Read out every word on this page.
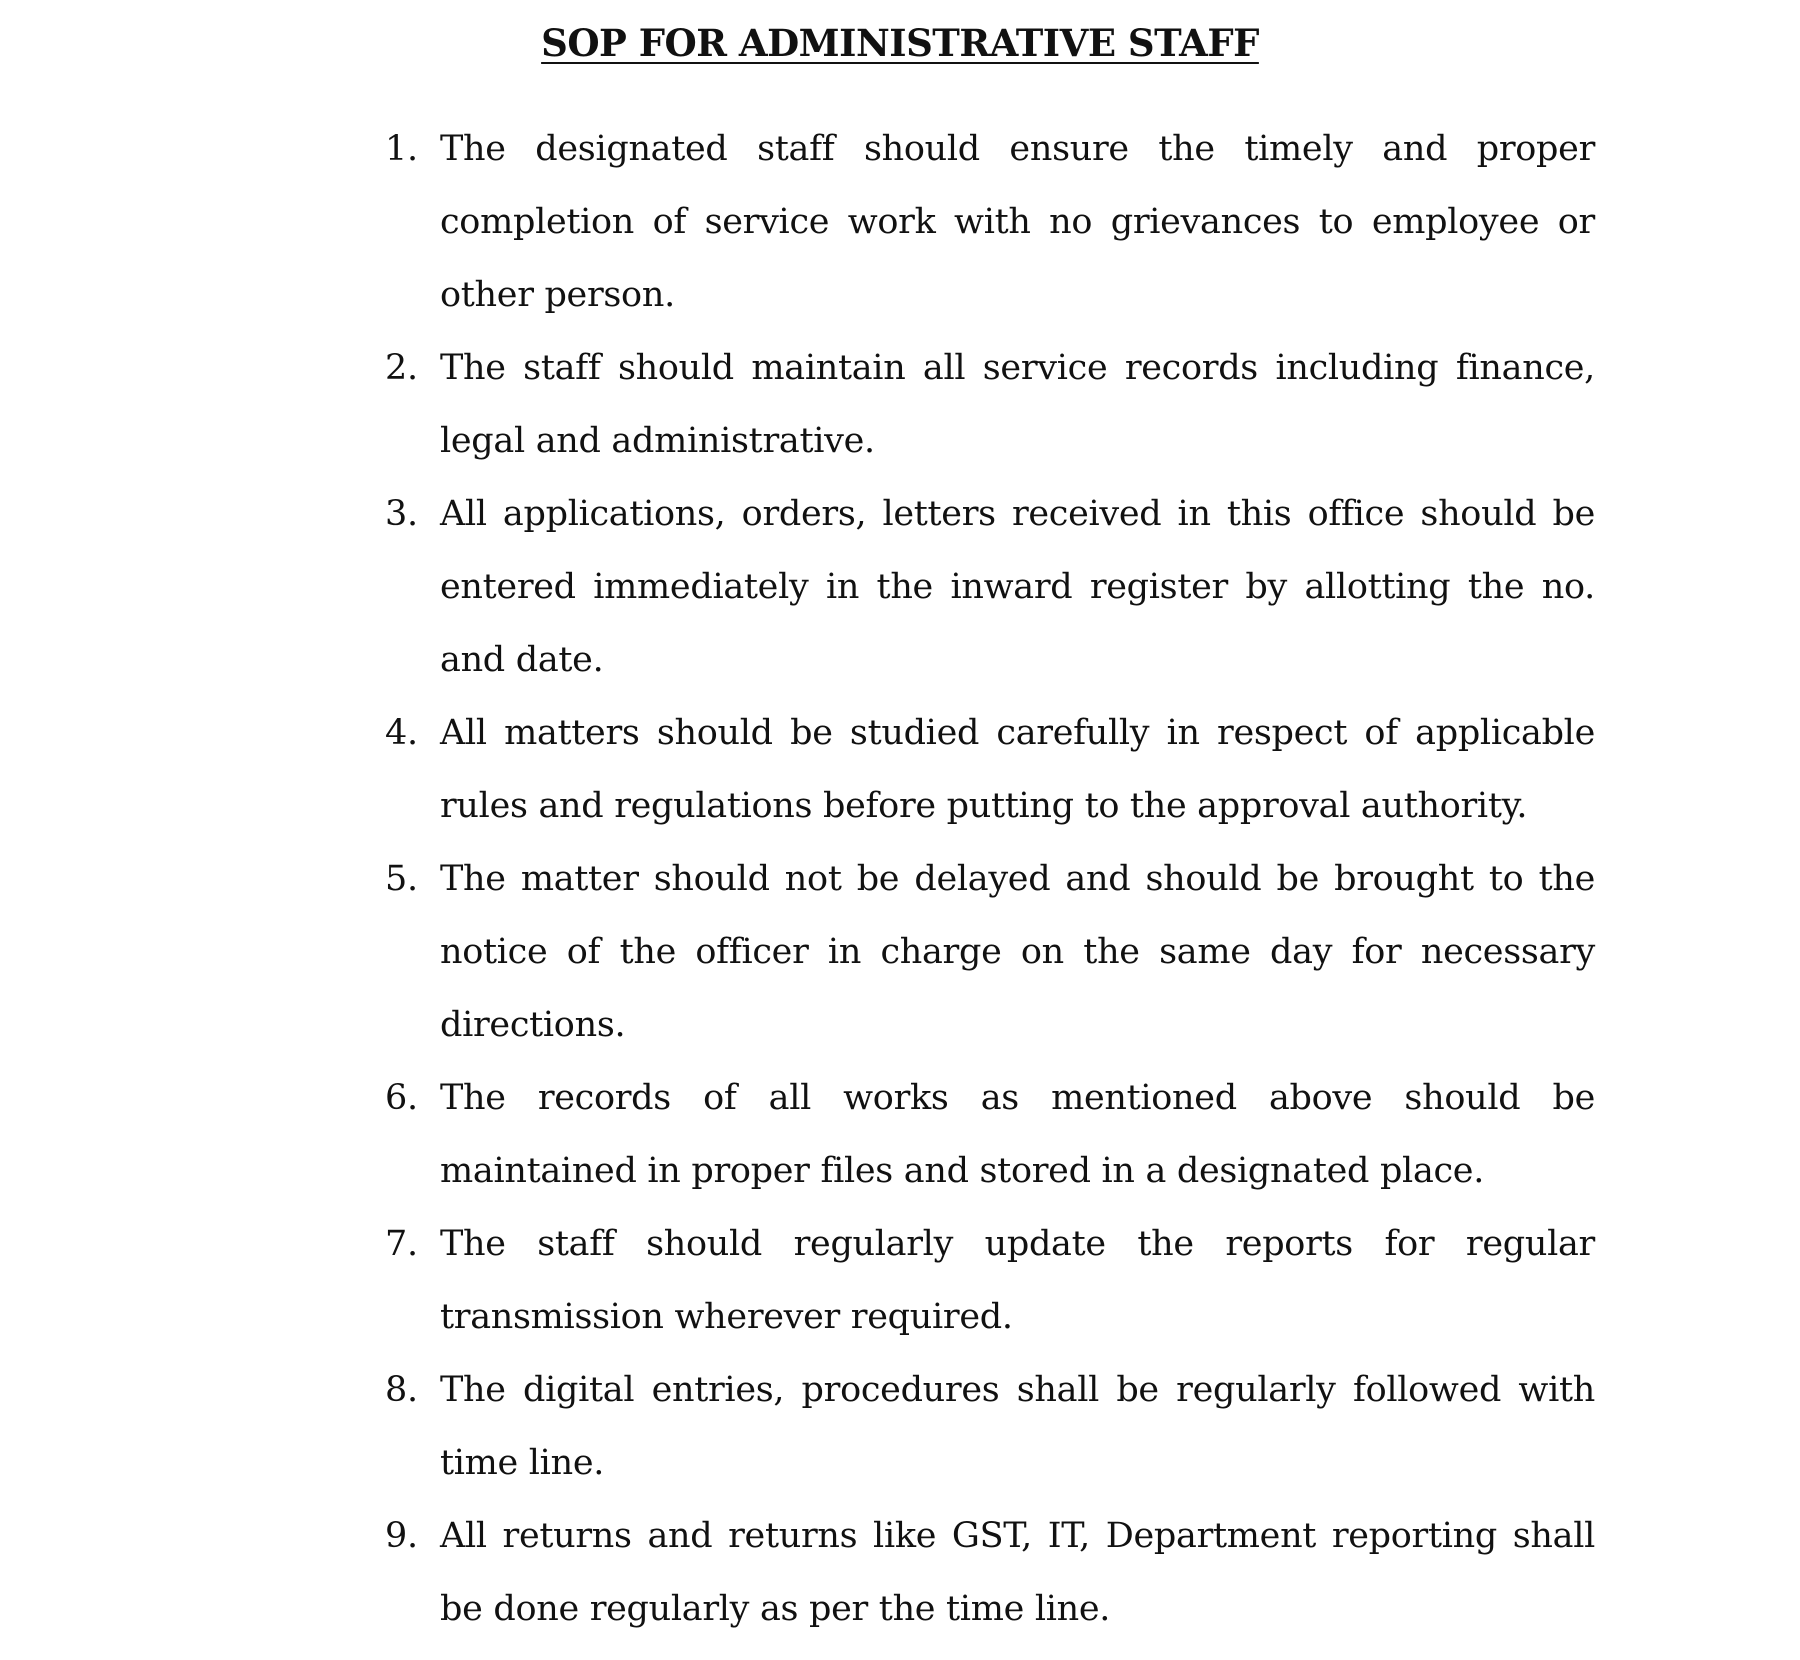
SOP FOR ADMINISTRATIVE STAFF
1. The designated staff should ensure the timely and proper completion of service work with no grievances to employee or other person.
2. The staff should maintain all service records including finance, legal and administrative.
3. All applications, orders, letters received in this office should be entered immediately in the inward register by allotting the no. and date.
4. All matters should be studied carefully in respect of applicable rules and regulations before putting to the approval authority.
5. The matter should not be delayed and should be brought to the notice of the officer in charge on the same day for necessary directions.
6. The records of all works as mentioned above should be maintained in proper files and stored in a designated place.
7. The staff should regularly update the reports for regular transmission wherever required.
8. The digital entries, procedures shall be regularly followed with time line.
9. All returns and returns like GST, IT, Department reporting shall be done regularly as per the time line.
